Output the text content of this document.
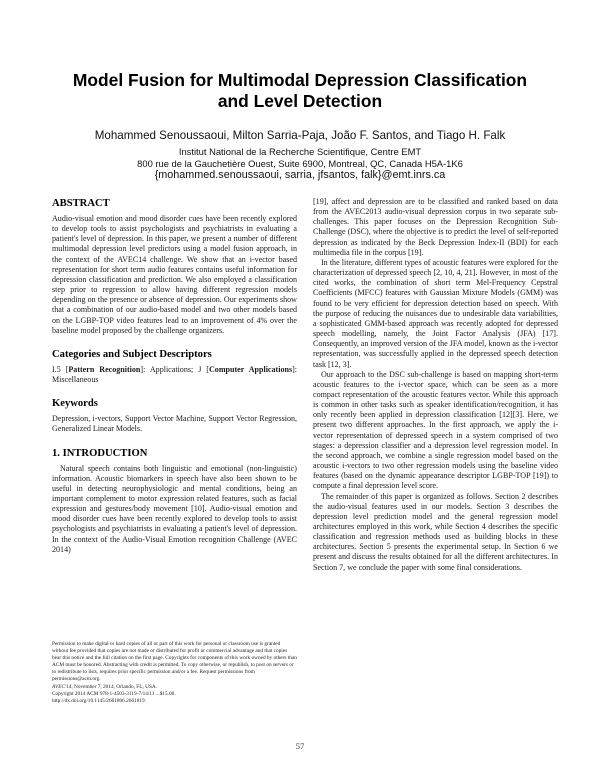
Model Fusion for Multimodal Depression Classification
and Level Detection
Mohammed Senoussaoui, Milton Sarria-Paja, João F. Santos, and Tiago H. Falk
Institut National de la Recherche Scientifique, Centre EMT
800 rue de la Gauchetière Ouest, Suite 6900, Montreal, QC, Canada H5A-1K6
{mohammed.senoussaoui, sarria, jfsantos, falk}@emt.inrs.ca
ABSTRACT

Audio-visual emotion and mood disorder cues have been recently explored to develop tools to assist psychologists and psychiatrists in evaluating a patient's level of depression. In this paper, we present a number of different multimodal depression level predictors using a model fusion approach, in the context of the AVEC14 challenge. We show that an i-vector based representation for short term audio features contains useful information for depression classification and prediction. We also employed a classification step prior to regression to allow having different regression models depending on the presence or absence of depression. Our experiments show that a combination of our audio-based model and two other models based on the LGBP-TOP video features lead to an improvement of 4% over the baseline model proposed by the challenge organizers.

Categories and Subject Descriptors

I.5 [Pattern Recognition]: Applications; J [Computer Applications]: Miscellaneous

Keywords

Depression, i-vectors, Support Vector Machine, Support Vector Regression, Generalized Linear Models.

1. INTRODUCTION

Natural speech contains both linguistic and emotional (non-linguistic) information. Acoustic biomarkers in speech have also been shown to be useful in detecting neurophysiologic and mental conditions, being an important complement to motor expression related features, such as facial expression and gestures/body movement [10]. Audio-visual emotion and mood disorder cues have been recently explored to develop tools to assist psychologists and psychiatrists in evaluating a patient's level of depression. In the context of the Audio-Visual Emotion recognition Challenge (AVEC 2014)

Permission to make digital or hard copies of all or part of this work for personal or classroom use is granted without fee provided that copies are not made or distributed for profit or commercial advantage and that copies bear this notice and the full citation on the first page. Copyrights for components of this work owned by others than ACM must be honored. Abstracting with credit is permitted. To copy otherwise, or republish, to post on servers or to redistribute to lists, requires prior specific permission and/or a fee. Request permissions from permissions@acm.org.

AVEC'14, November 7, 2014, Orlando, FL, USA.

Copyright 2014 ACM 978-1-4503-3119-7/14/11 ...$15.00.

http://dx.doi.org/10.1145/2661806.2661819.

[19], affect and depression are to be classified and ranked based on data from the AVEC2013 audio-visual depression corpus in two separate sub-challenges. This paper focuses on the Depression Recognition Sub-Challenge (DSC), where the objective is to predict the level of self-reported depression as indicated by the Beck Depression Index-II (BDI) for each multimedia file in the corpus [19].

In the literature, different types of acoustic features were explored for the characterization of depressed speech [2, 10, 4, 21]. However, in most of the cited works, the combination of short term Mel-Frequency Cepstral Coefficients (MFCC) features with Gaussian Mixture Models (GMM) was found to be very efficient for depression detection based on speech. With the purpose of reducing the nuisances due to undesirable data variabilities, a sophisticated GMM-based approach was recently adopted for depressed speech modelling, namely, the Joint Factor Analysis (JFA) [17]. Consequently, an improved version of the JFA model, known as the i-vector representation, was successfully applied in the depressed speech detection task [12, 3].

Our approach to the DSC sub-challenge is based on mapping short-term acoustic features to the i-vector space, which can be seen as a more compact representation of the acoustic features vector. While this approach is common in other tasks such as speaker identification/recognition, it has only recently been applied in depression classification [12][3]. Here, we present two different approaches. In the first approach, we apply the i-vector representation of depressed speech in a system comprised of two stages: a depression classifier and a depression level regression model. In the second approach, we combine a single regression model based on the acoustic i-vectors to two other regression models using the baseline video features (based on the dynamic appearance descriptor LGBP-TOP [19]) to compute a final depression level score.

The remainder of this paper is organized as follows. Section 2 describes the audio-visual features used in our models. Section 3 describes the depression level prediction model and the general regression model architectures employed in this work, while Section 4 describes the specific classification and regression methods used as building blocks in these architectures. Section 5 presents the experimental setup. In Section 6 we present and discuss the results obtained for all the different architectures. In Section 7, we conclude the paper with some final considerations.

57
